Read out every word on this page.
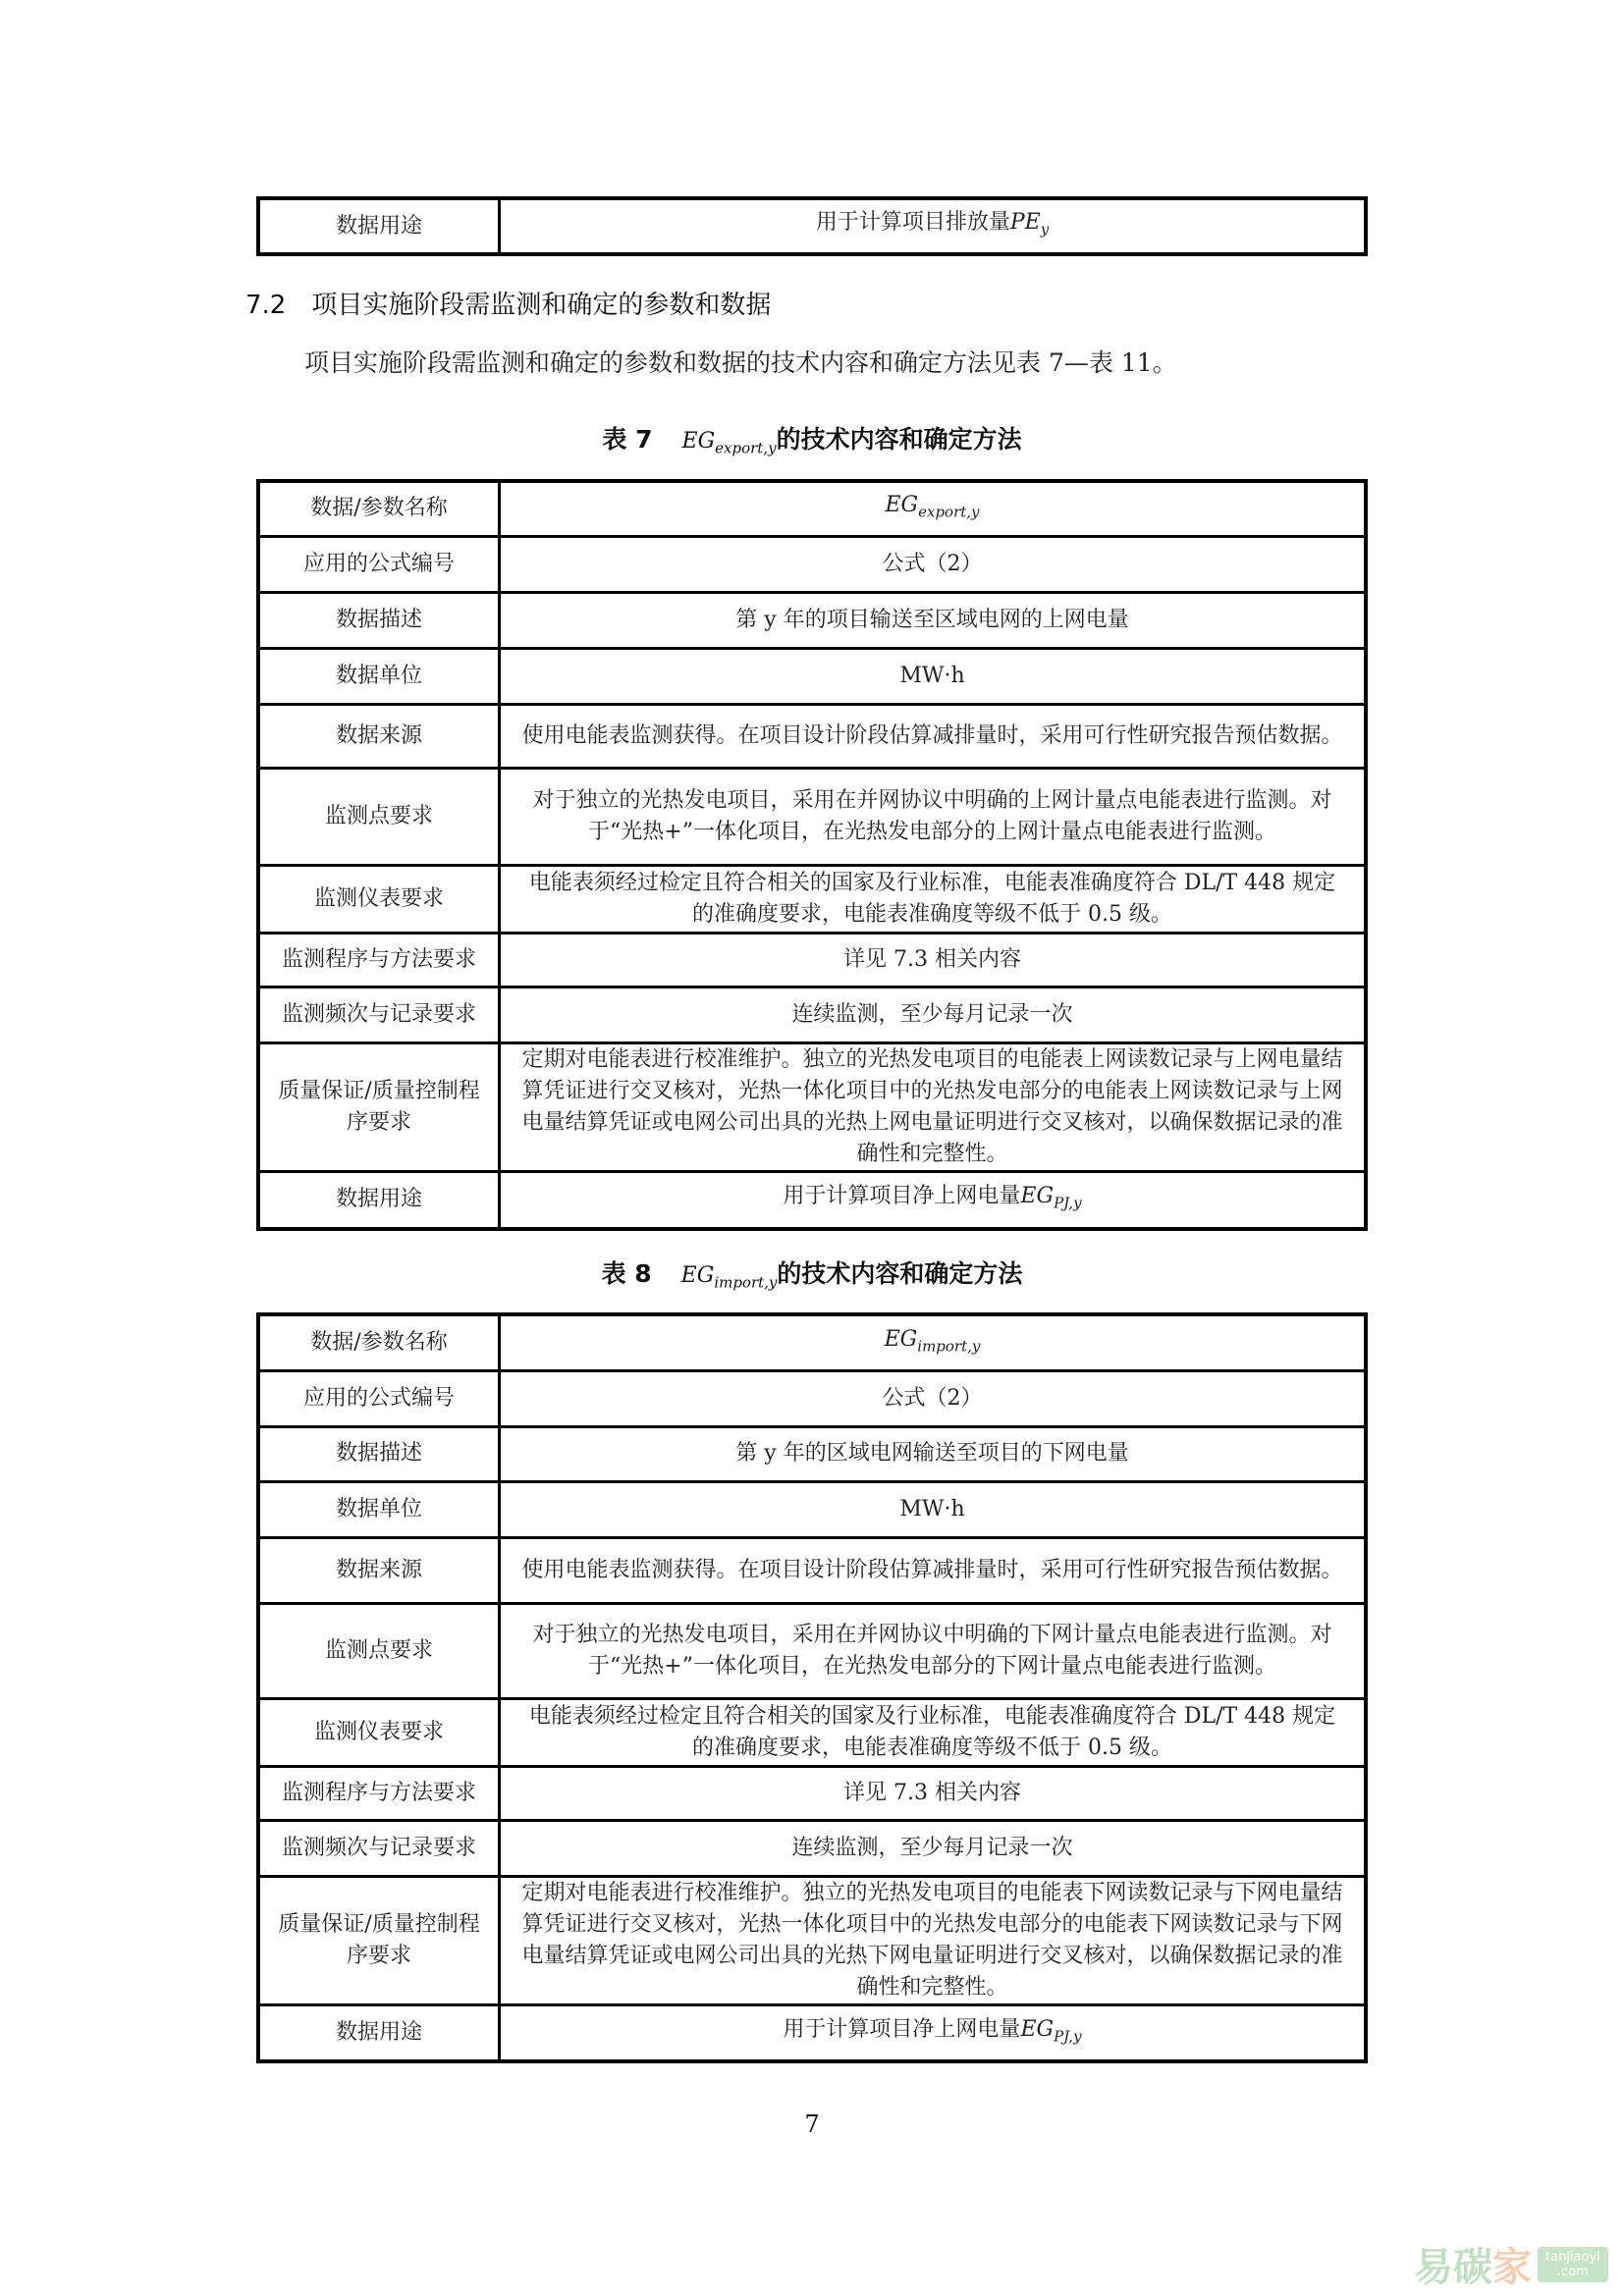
数据用途	用于计算项目排放量$PE_y$
7.2 项目实施阶段需监测和确定的参数和数据
项目实施阶段需监测和确定的参数和数据的技术内容和确定方法见表 7—表 11。
表 7 $EG_{export,y}$的技术内容和确定方法
数据/参数名称	$EG_{export,y}$
应用的公式编号	公式（2）
数据描述	第 y 年的项目输送至区域电网的上网电量
数据单位	MW·h
数据来源	使用电能表监测获得。在项目设计阶段估算减排量时，采用可行性研究报告预估数据。
监测点要求	对于独立的光热发电项目，采用在并网协议中明确的上网计量点电能表进行监测。对于“光热+”一体化项目，在光热发电部分的上网计量点电能表进行监测。
监测仪表要求	电能表须经过检定且符合相关的国家及行业标准，电能表准确度符合 DL/T 448 规定的准确度要求，电能表准确度等级不低于 0.5 级。
监测程序与方法要求	详见 7.3 相关内容
监测频次与记录要求	连续监测，至少每月记录一次
质量保证/质量控制程序要求	定期对电能表进行校准维护。独立的光热发电项目的电能表上网读数记录与上网电量结算凭证进行交叉核对，光热一体化项目中的光热发电部分的电能表上网读数记录与上网电量结算凭证或电网公司出具的光热上网电量证明进行交叉核对，以确保数据记录的准确性和完整性。
数据用途	用于计算项目净上网电量$EG_{PJ,y}$
表 8 $EG_{import,y}$的技术内容和确定方法
数据/参数名称	$EG_{import,y}$
应用的公式编号	公式（2）
数据描述	第 y 年的区域电网输送至项目的下网电量
数据单位	MW·h
数据来源	使用电能表监测获得。在项目设计阶段估算减排量时，采用可行性研究报告预估数据。
监测点要求	对于独立的光热发电项目，采用在并网协议中明确的下网计量点电能表进行监测。对于“光热+”一体化项目，在光热发电部分的下网计量点电能表进行监测。
监测仪表要求	电能表须经过检定且符合相关的国家及行业标准，电能表准确度符合 DL/T 448 规定的准确度要求，电能表准确度等级不低于 0.5 级。
监测程序与方法要求	详见 7.3 相关内容
监测频次与记录要求	连续监测，至少每月记录一次
质量保证/质量控制程序要求	定期对电能表进行校准维护。独立的光热发电项目的电能表下网读数记录与下网电量结算凭证进行交叉核对，光热一体化项目中的光热发电部分的电能表下网读数记录与下网电量结算凭证或电网公司出具的光热下网电量证明进行交叉核对，以确保数据记录的准确性和完整性。
数据用途	用于计算项目净上网电量$EG_{PJ,y}$
7
易碳家	tanjiaoyi
.com
